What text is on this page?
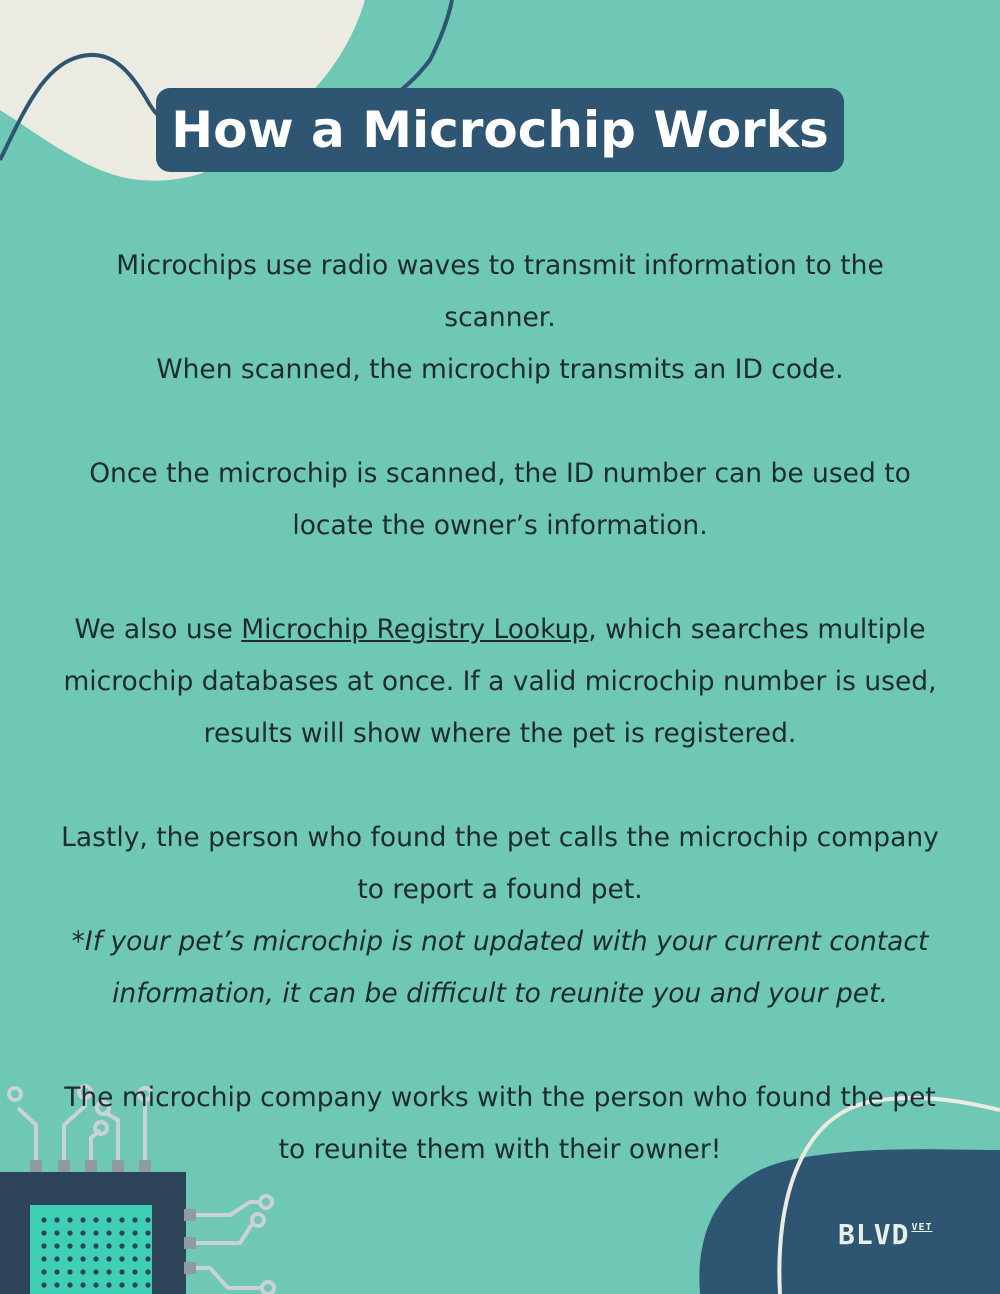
How a Microchip Works

Microchips use radio waves to transmit information to the scanner.

When scanned, the microchip transmits an ID code.

Once the microchip is scanned, the ID number can be used to

locate the owner’s information.

We also use Microchip Registry Lookup, which searches multiple

microchip databases at once. If a valid microchip number is used,

results will show where the pet is registered.

Lastly, the person who found the pet calls the microchip company

to report a found pet.

*If your pet’s microchip is not updated with your current contact

information, it can be difficult to reunite you and your pet.

The microchip company works with the person who found the pet

to reunite them with their owner!

BLVD $^{VET}$
